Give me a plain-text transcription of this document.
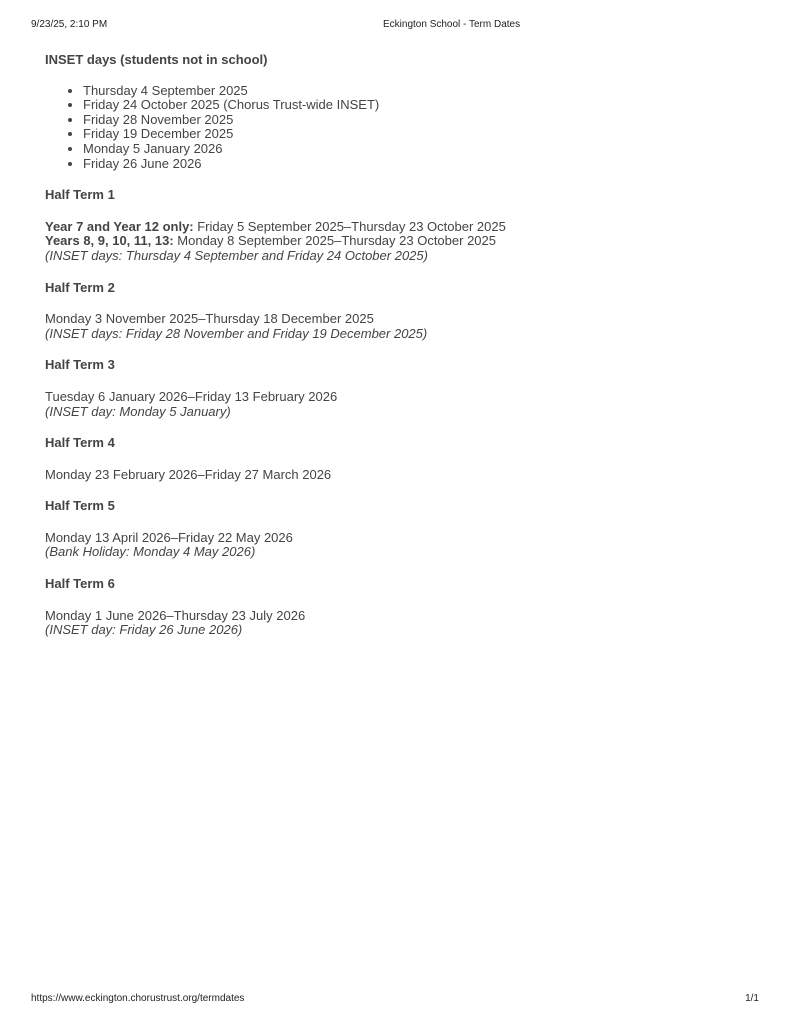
9/23/25, 2:10 PM	Eckington School - Term Dates

INSET days (students not in school)

• Thursday 4 September 2025
• Friday 24 October 2025 (Chorus Trust-wide INSET)
• Friday 28 November 2025
• Friday 19 December 2025
• Monday 5 January 2026
• Friday 26 June 2026

Half Term 1

Year 7 and Year 12 only: Friday 5 September 2025–Thursday 23 October 2025

Years 8, 9, 10, 11, 13: Monday 8 September 2025–Thursday 23 October 2025

(INSET days: Thursday 4 September and Friday 24 October 2025)

Half Term 2

Monday 3 November 2025–Thursday 18 December 2025

(INSET days: Friday 28 November and Friday 19 December 2025)

Half Term 3

Tuesday 6 January 2026–Friday 13 February 2026

(INSET day: Monday 5 January)

Half Term 4

Monday 23 February 2026–Friday 27 March 2026

Half Term 5

Monday 13 April 2026–Friday 22 May 2026

(Bank Holiday: Monday 4 May 2026)

Half Term 6

Monday 1 June 2026–Thursday 23 July 2026

(INSET day: Friday 26 June 2026)

https://www.eckington.chorustrust.org/termdates	1/1
